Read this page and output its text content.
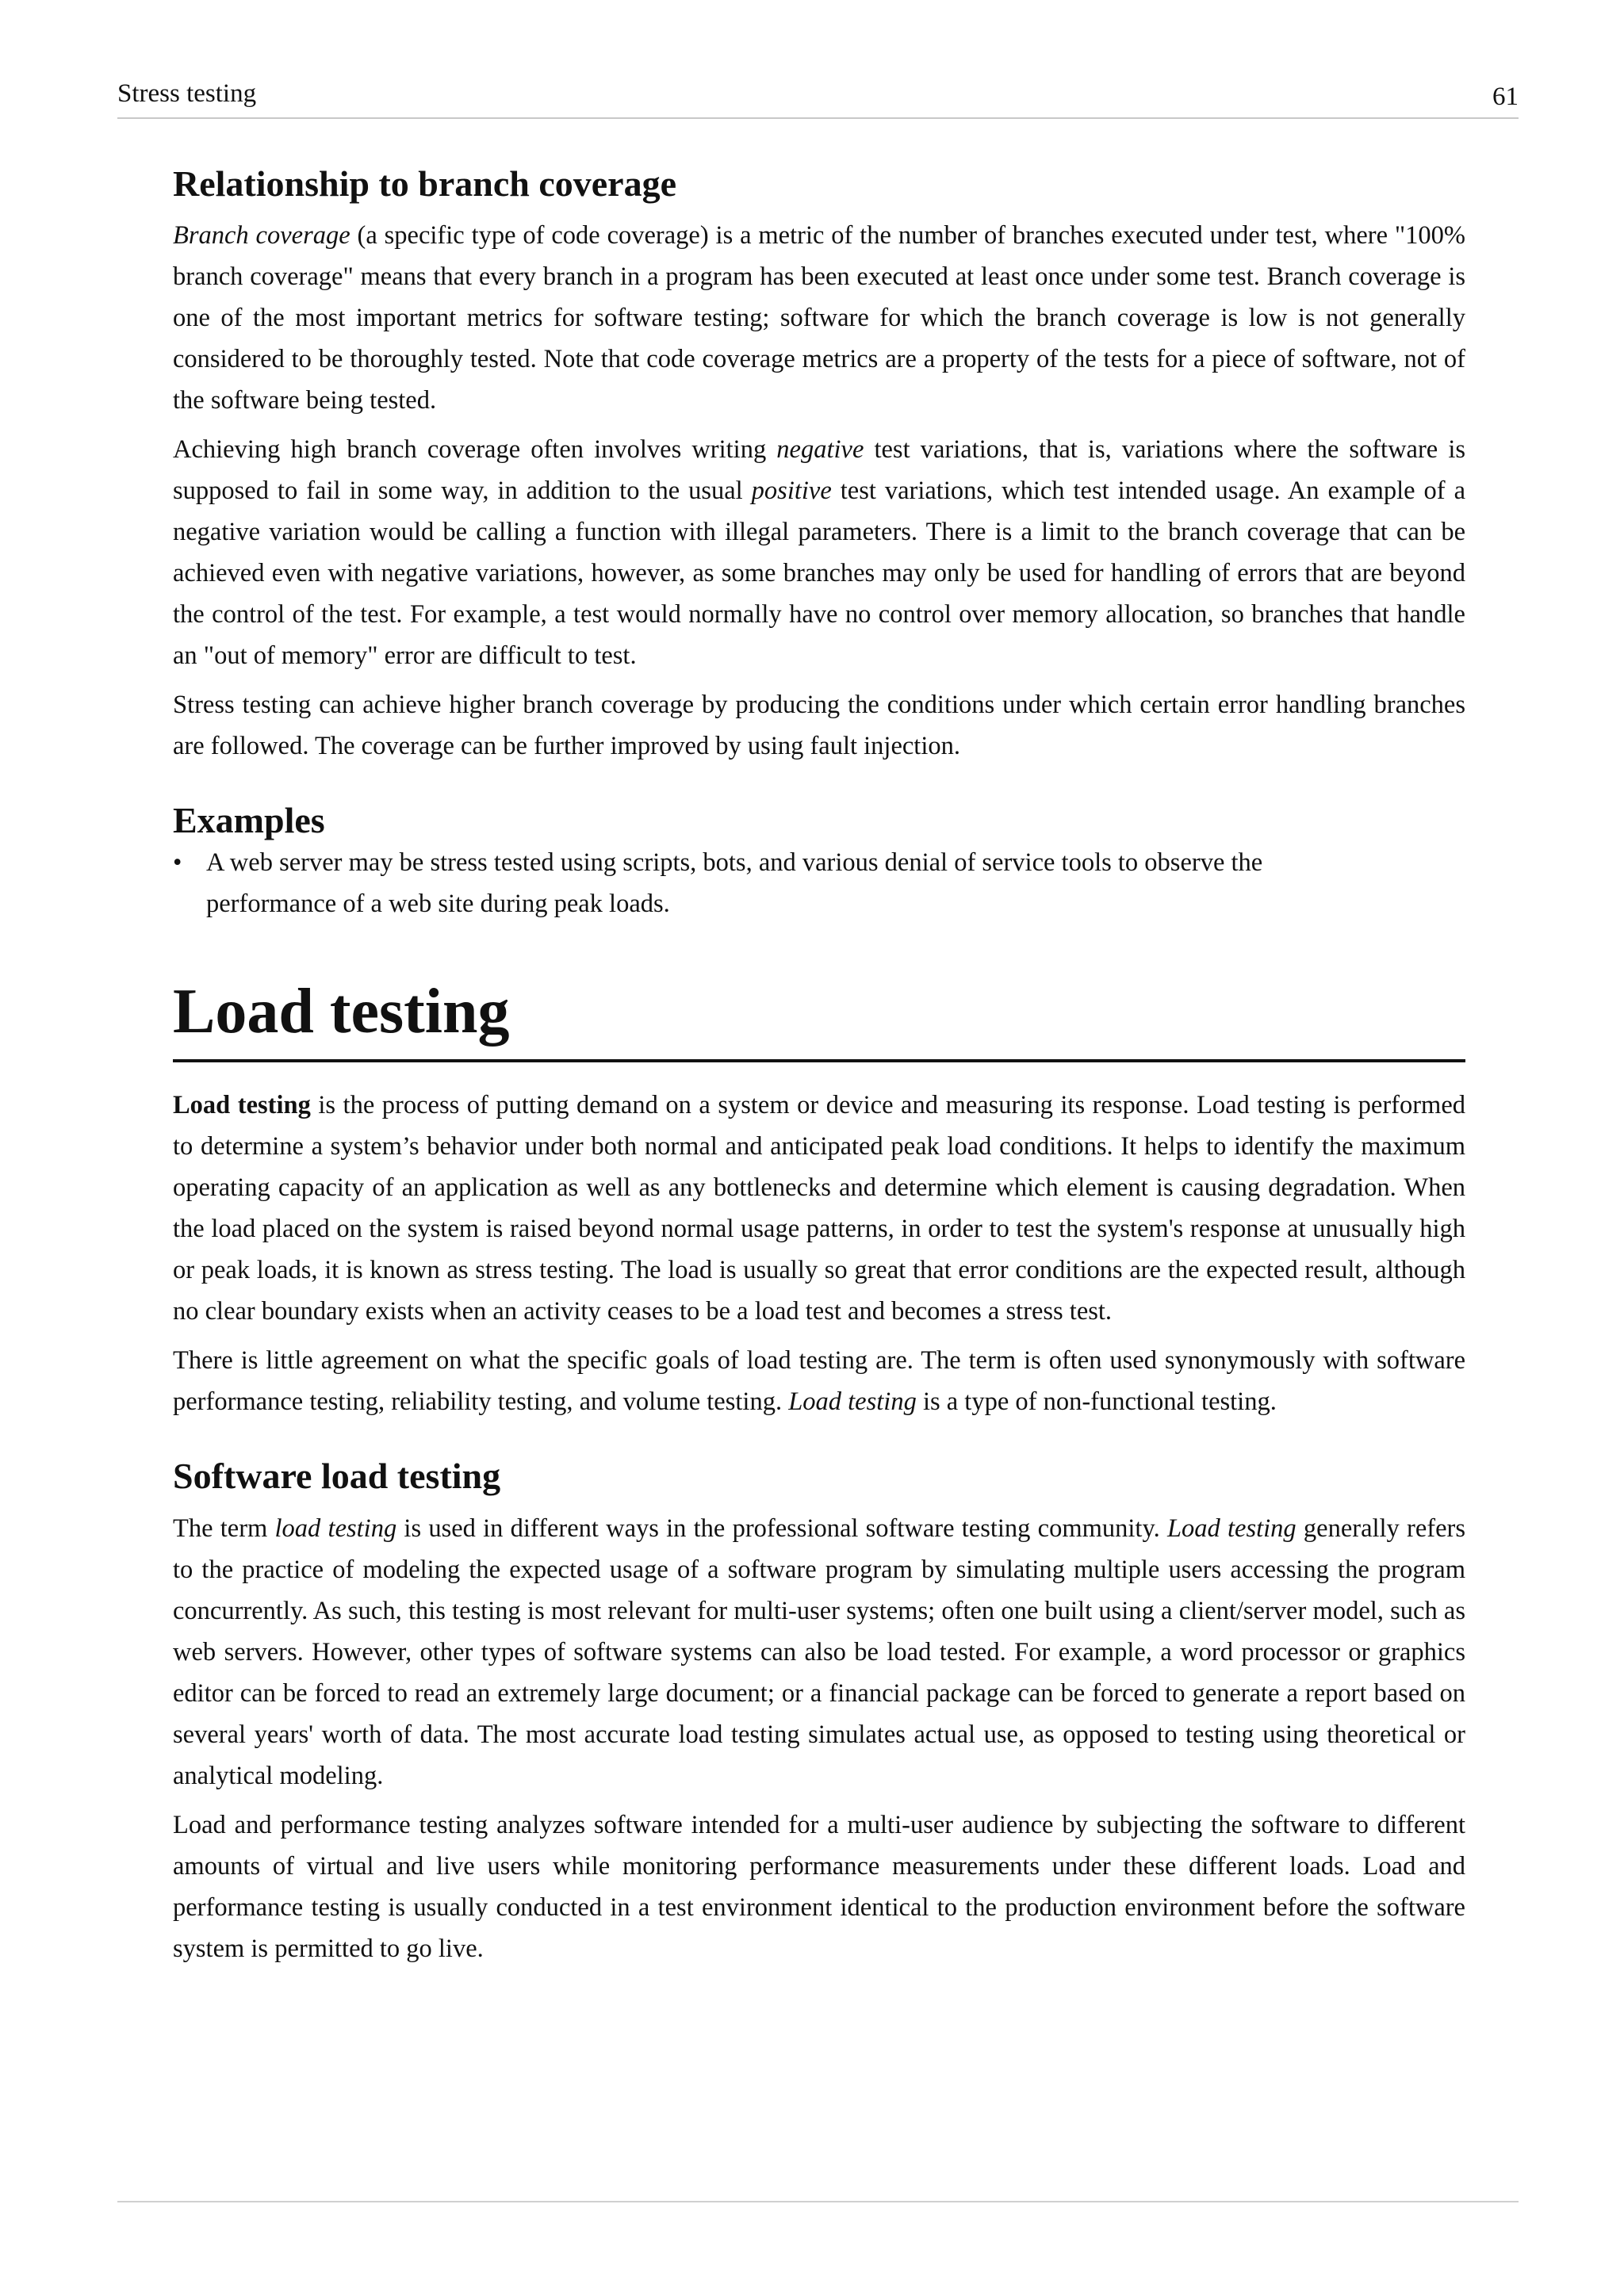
Stress testing	61
Relationship to branch coverage

Branch coverage (a specific type of code coverage) is a metric of the number of branches executed under test, where "100% branch coverage" means that every branch in a program has been executed at least once under some test. Branch coverage is one of the most important metrics for software testing; software for which the branch coverage is low is not generally considered to be thoroughly tested. Note that code coverage metrics are a property of the tests for a piece of software, not of the software being tested.

Achieving high branch coverage often involves writing negative test variations, that is, variations where the software is supposed to fail in some way, in addition to the usual positive test variations, which test intended usage. An example of a negative variation would be calling a function with illegal parameters. There is a limit to the branch coverage that can be achieved even with negative variations, however, as some branches may only be used for handling of errors that are beyond the control of the test. For example, a test would normally have no control over memory allocation, so branches that handle an "out of memory" error are difficult to test.

Stress testing can achieve higher branch coverage by producing the conditions under which certain error handling branches are followed. The coverage can be further improved by using fault injection.

Examples
• A web server may be stress tested using scripts, bots, and various denial of service tools to observe the performance of a web site during peak loads.
Load testing

Load testing is the process of putting demand on a system or device and measuring its response. Load testing is performed to determine a system’s behavior under both normal and anticipated peak load conditions. It helps to identify the maximum operating capacity of an application as well as any bottlenecks and determine which element is causing degradation. When the load placed on the system is raised beyond normal usage patterns, in order to test the system's response at unusually high or peak loads, it is known as stress testing. The load is usually so great that error conditions are the expected result, although no clear boundary exists when an activity ceases to be a load test and becomes a stress test.

There is little agreement on what the specific goals of load testing are. The term is often used synonymously with software performance testing, reliability testing, and volume testing. Load testing is a type of non-functional testing.

Software load testing

The term load testing is used in different ways in the professional software testing community. Load testing generally refers to the practice of modeling the expected usage of a software program by simulating multiple users accessing the program concurrently. As such, this testing is most relevant for multi-user systems; often one built using a client/server model, such as web servers. However, other types of software systems can also be load tested. For example, a word processor or graphics editor can be forced to read an extremely large document; or a financial package can be forced to generate a report based on several years' worth of data. The most accurate load testing simulates actual use, as opposed to testing using theoretical or analytical modeling.

Load and performance testing analyzes software intended for a multi-user audience by subjecting the software to different amounts of virtual and live users while monitoring performance measurements under these different loads. Load and performance testing is usually conducted in a test environment identical to the production environment before the software system is permitted to go live.
